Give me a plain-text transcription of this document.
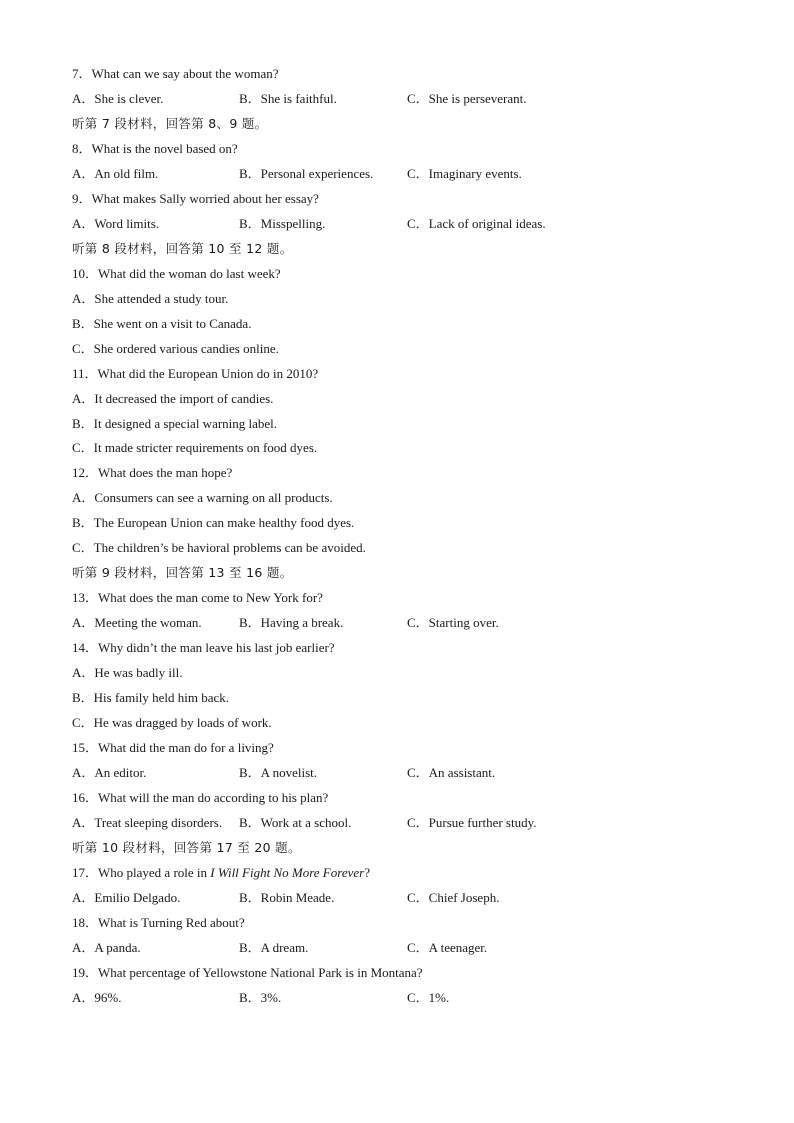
7．What can we say about the woman?
A．She is clever.	B．She is faithful.	C．She is perseverant.
听第 7 段材料，回答第 8、9 题。
8．What is the novel based on?
A．An old film.	B．Personal experiences.	C．Imaginary events.
9．What makes Sally worried about her essay?
A．Word limits.	B．Misspelling.	C．Lack of original ideas.
听第 8 段材料，回答第 10 至 12 题。
10．What did the woman do last week?
A．She attended a study tour.
B．She went on a visit to Canada.
C．She ordered various candies online.
11．What did the European Union do in 2010?
A．It decreased the import of candies.
B．It designed a special warning label.
C．It made stricter requirements on food dyes.
12．What does the man hope?
A．Consumers can see a warning on all products.
B．The European Union can make healthy food dyes.
C．The children’s be havioral problems can be avoided.
听第 9 段材料，回答第 13 至 16 题。
13．What does the man come to New York for?
A．Meeting the woman.	B．Having a break.	C．Starting over.
14．Why didn’t the man leave his last job earlier?
A．He was badly ill.
B．His family held him back.
C．He was dragged by loads of work.
15．What did the man do for a living?
A．An editor.	B．A novelist.	C．An assistant.
16．What will the man do according to his plan?
A．Treat sleeping disorders. B．Work at a school.	C．Pursue further study.
听第 10 段材料，回答第 17 至 20 题。
17．Who played a role in I Will Fight No More Forever?
A．Emilio Delgado.	B．Robin Meade.	C．Chief Joseph.
18．What is Turning Red about?
A．A panda.	B．A dream.	C．A teenager.
19．What percentage of Yellowstone National Park is in Montana?
A．96%.	B．3%.	C．1%.
